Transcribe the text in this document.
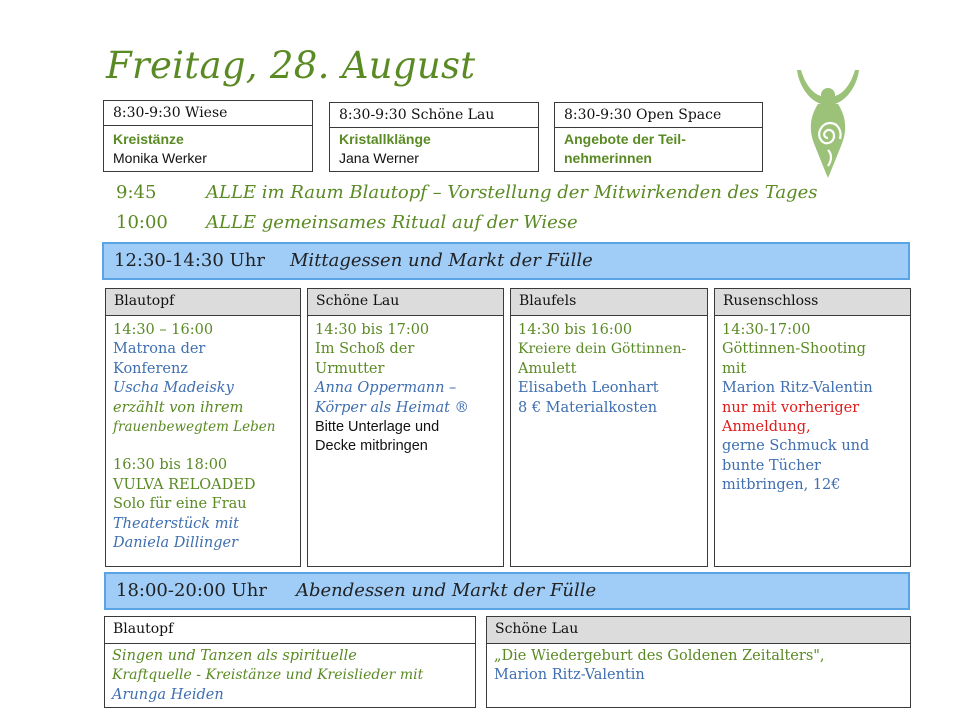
Freitag, 28. August
8:30-9:30 Wiese
Kreistänze
Monika Werker
8:30-9:30 Schöne Lau
Kristallklänge
Jana Werner
8:30-9:30 Open Space
Angebote der Teil-
nehmerinnen
9:45	ALLE im Raum Blautopf – Vorstellung der Mitwirkenden des Tages
10:00 ALLE gemeinsames Ritual auf der Wiese
12:30-14:30 Uhr Mittagessen und Markt der Fülle
Blautopf
14:30 – 16:00
Matrona der
Konferenz
Uscha Madeisky
erzählt von ihrem
frauenbewegtem Leben
16:30 bis 18:00
VULVA RELOADED
Solo für eine Frau
Theaterstück mit
Daniela Dillinger
Schöne Lau
14:30 bis 17:00
Im Schoß der
Urmutter
Anna Oppermann –
Körper als Heimat ®
Bitte Unterlage und
Decke mitbringen
Blaufels
14:30 bis 16:00
Kreiere dein Göttinnen-
Amulett
Elisabeth Leonhart
8 € Materialkosten
Rusenschloss
14:30-17:00
Göttinnen-Shooting
mit
Marion Ritz-Valentin
nur mit vorheriger
Anmeldung,
gerne Schmuck und
bunte Tücher
mitbringen, 12€
18:00-20:00 Uhr Abendessen und Markt der Fülle
Blautopf
Singen und Tanzen als spirituelle
Kraftquelle - Kreistänze und Kreislieder mit
Arunga Heiden
Schöne Lau
„Die Wiedergeburt des Goldenen Zeitalters",
Marion Ritz-Valentin
